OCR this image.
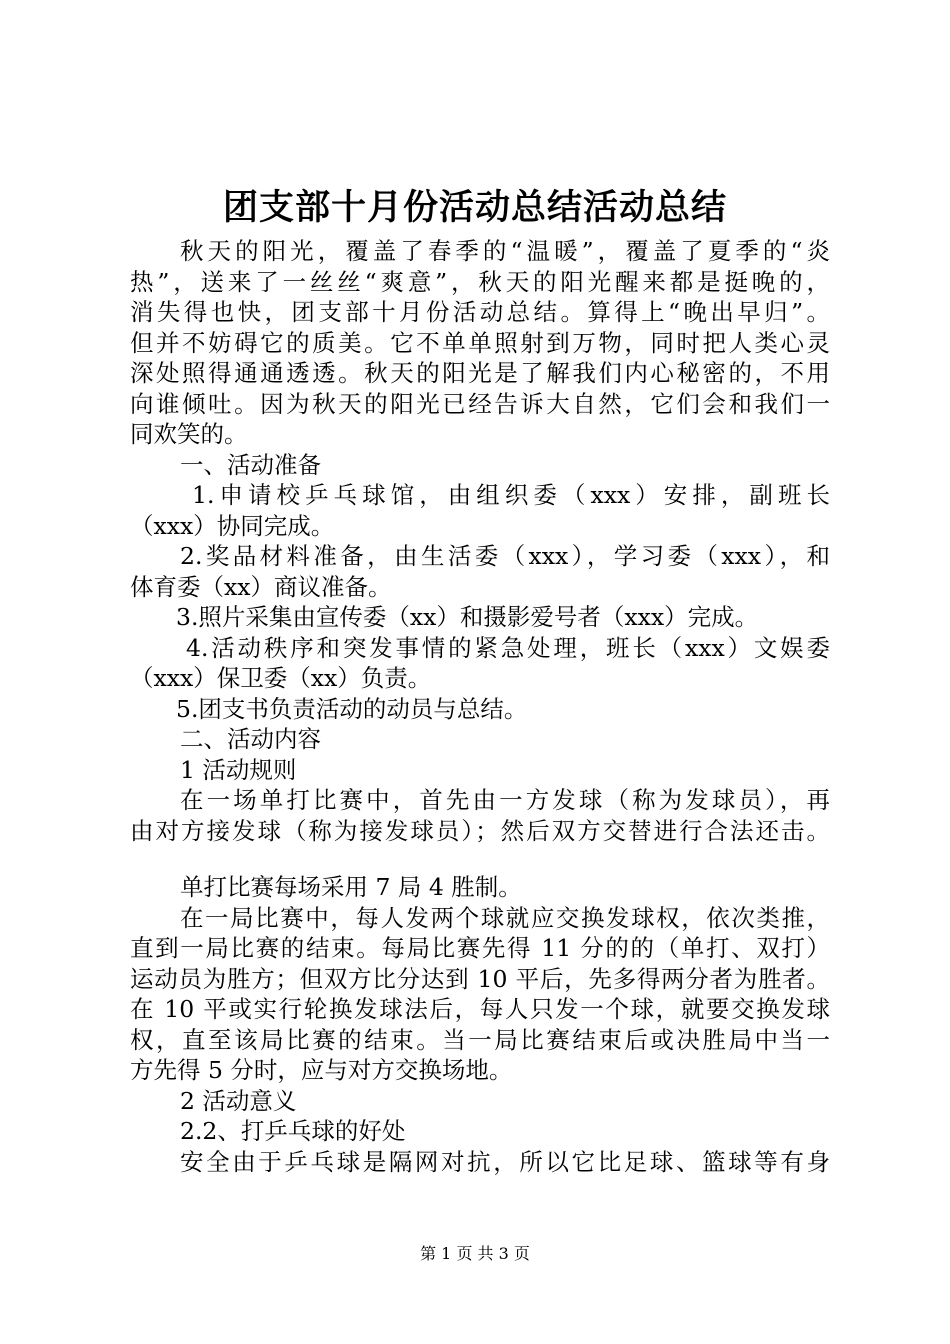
团支部十月份活动总结活动总结
秋天的阳光，覆盖了春季的“温暖”，覆盖了夏季的“炎
热”，送来了一丝丝“爽意”，秋天的阳光醒来都是挺晚的，
消失得也快，团支部十月份活动总结。算得上“晚出早归”。
但并不妨碍它的质美。它不单单照射到万物，同时把人类心灵
深处照得通通透透。秋天的阳光是了解我们内心秘密的，不用
向谁倾吐。因为秋天的阳光已经告诉大自然，它们会和我们一
同欢笑的。
一、活动准备
1.申请校乒乓球馆，由组织委（xxx）安排，副班长
（xxx）协同完成。
2.奖品材料准备，由生活委（xxx），学习委（xxx），和
体育委（xx）商议准备。
3.照片采集由宣传委（xx）和摄影爱号者（xxx）完成。
4.活动秩序和突发事情的紧急处理，班长（xxx）文娱委
（xxx）保卫委（xx）负责。
5.团支书负责活动的动员与总结。
二、活动内容
1 活动规则
在一场单打比赛中，首先由一方发球（称为发球员），再
由对方接发球（称为接发球员）；然后双方交替进行合法还击。
单打比赛每场采用 7 局 4 胜制。
在一局比赛中，每人发两个球就应交换发球权，依次类推，
直到一局比赛的结束。每局比赛先得 11 分的的（单打、双打）
运动员为胜方；但双方比分达到 10 平后，先多得两分者为胜者。
在 10 平或实行轮换发球法后，每人只发一个球，就要交换发球
权，直至该局比赛的结束。当一局比赛结束后或决胜局中当一
方先得 5 分时，应与对方交换场地。
2 活动意义
2.2、打乒乓球的好处
安全由于乒乓球是隔网对抗，所以它比足球、篮球等有身
第 1 页 共 3 页
